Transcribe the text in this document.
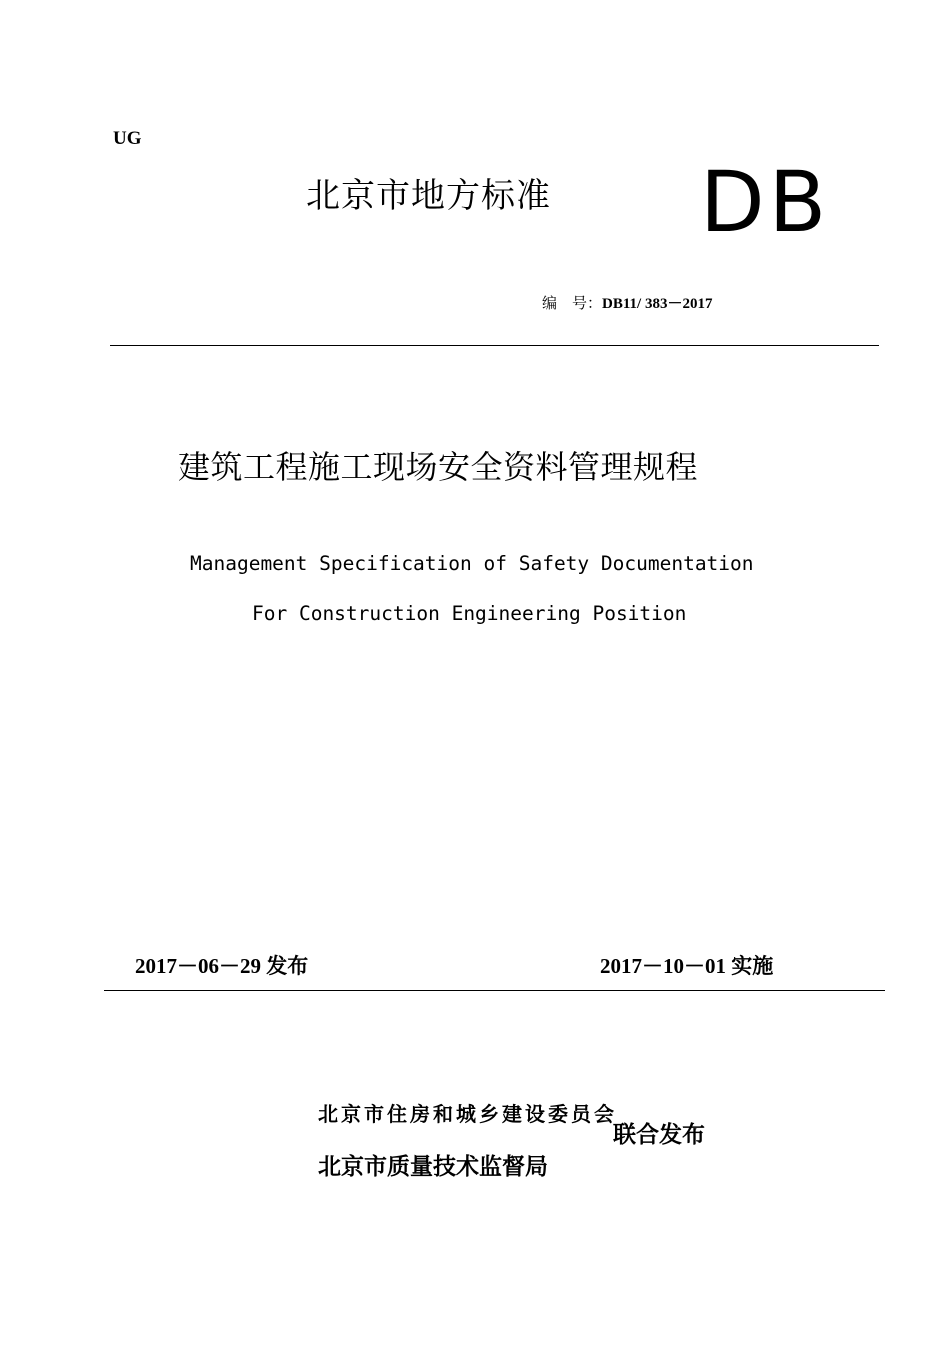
UG
北京市地方标准 DB
编　号：DB11/ 383－2017
建筑工程施工现场安全资料管理规程
Management Specification of Safety Documentation
For Construction Engineering Position
2017－06－29 发布	2017－10－01 实施
北京市住房和城乡建设委员会
北京市质量技术监督局
联合发布
